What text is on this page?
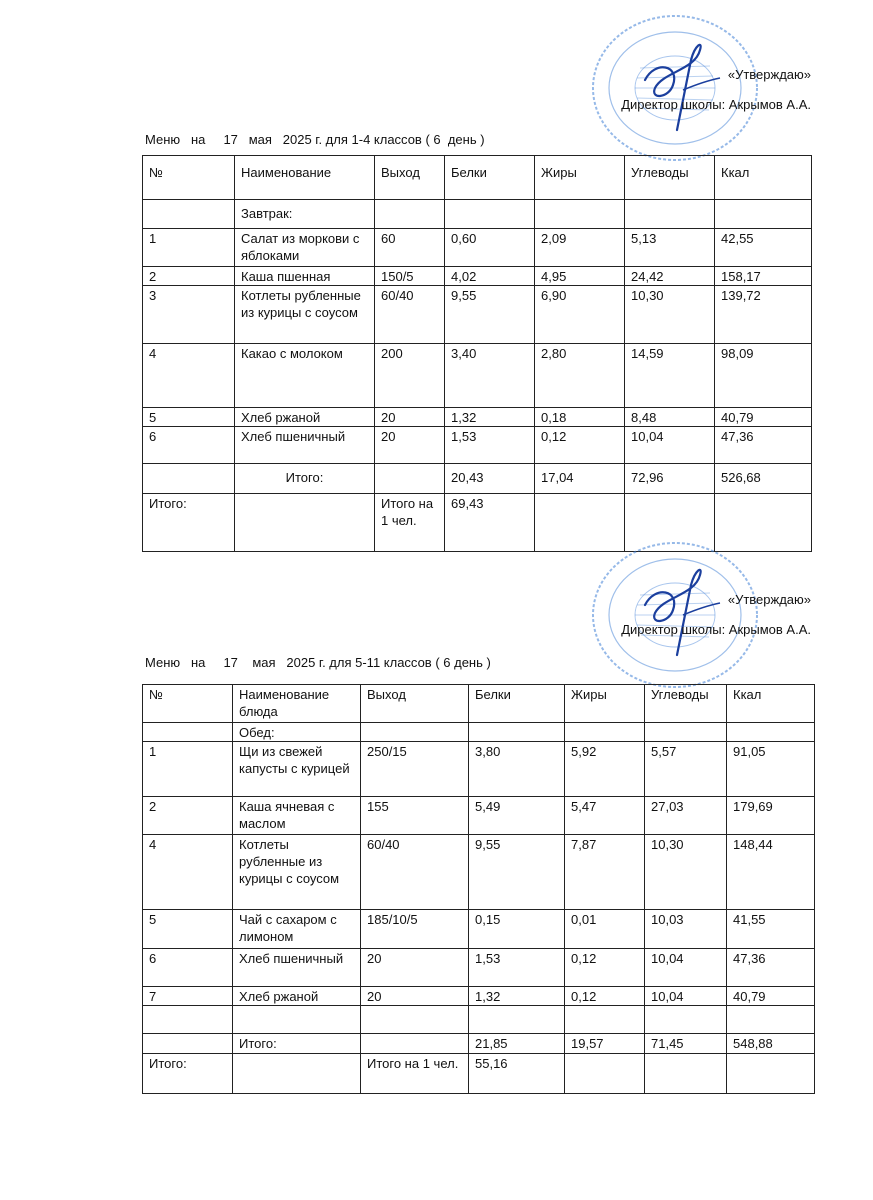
«Утверждаю»
Директор школы: Акрымов А.А.
Меню   на     17   мая   2025 г. для 1-4 классов ( 6  день )
№	Наименование	Выход	Белки	Жиры	Углеводы	Ккал
	Завтрак:					
1	Салат из моркови с яблоками	60	0,60	2,09	5,13	42,55
2	Каша пшенная	150/5	4,02	4,95	24,42	158,17
3	Котлеты рубленные из курицы с соусом	60/40	9,55	6,90	10,30	139,72
4	Какао с молоком	200	3,40	2,80	14,59	98,09
5	Хлеб ржаной	20	1,32	0,18	8,48	40,79
6	Хлеб пшеничный	20	1,53	0,12	10,04	47,36
	Итого:		20,43	17,04	72,96	526,68
Итого:		Итого на 1 чел.	69,43			
«Утверждаю»
Директор школы: Акрымов А.А.
Меню   на     17    мая   2025 г. для 5-11 классов ( 6 день )
№	Наименование блюда	Выход	Белки	Жиры	Углеводы	Ккал
	Обед:					
1	Щи из свежей капусты с курицей	250/15	3,80	5,92	5,57	91,05
2	Каша ячневая с маслом	155	5,49	5,47	27,03	179,69
4	Котлеты рубленные из курицы с соусом	60/40	9,55	7,87	10,30	148,44
5	Чай с сахаром с лимоном	185/10/5	0,15	0,01	10,03	41,55
6	Хлеб пшеничный	20	1,53	0,12	10,04	47,36
7	Хлеб ржаной	20	1,32	0,12	10,04	40,79

	Итого:		21,85	19,57	71,45	548,88
Итого:		Итого на 1 чел.	55,16			
